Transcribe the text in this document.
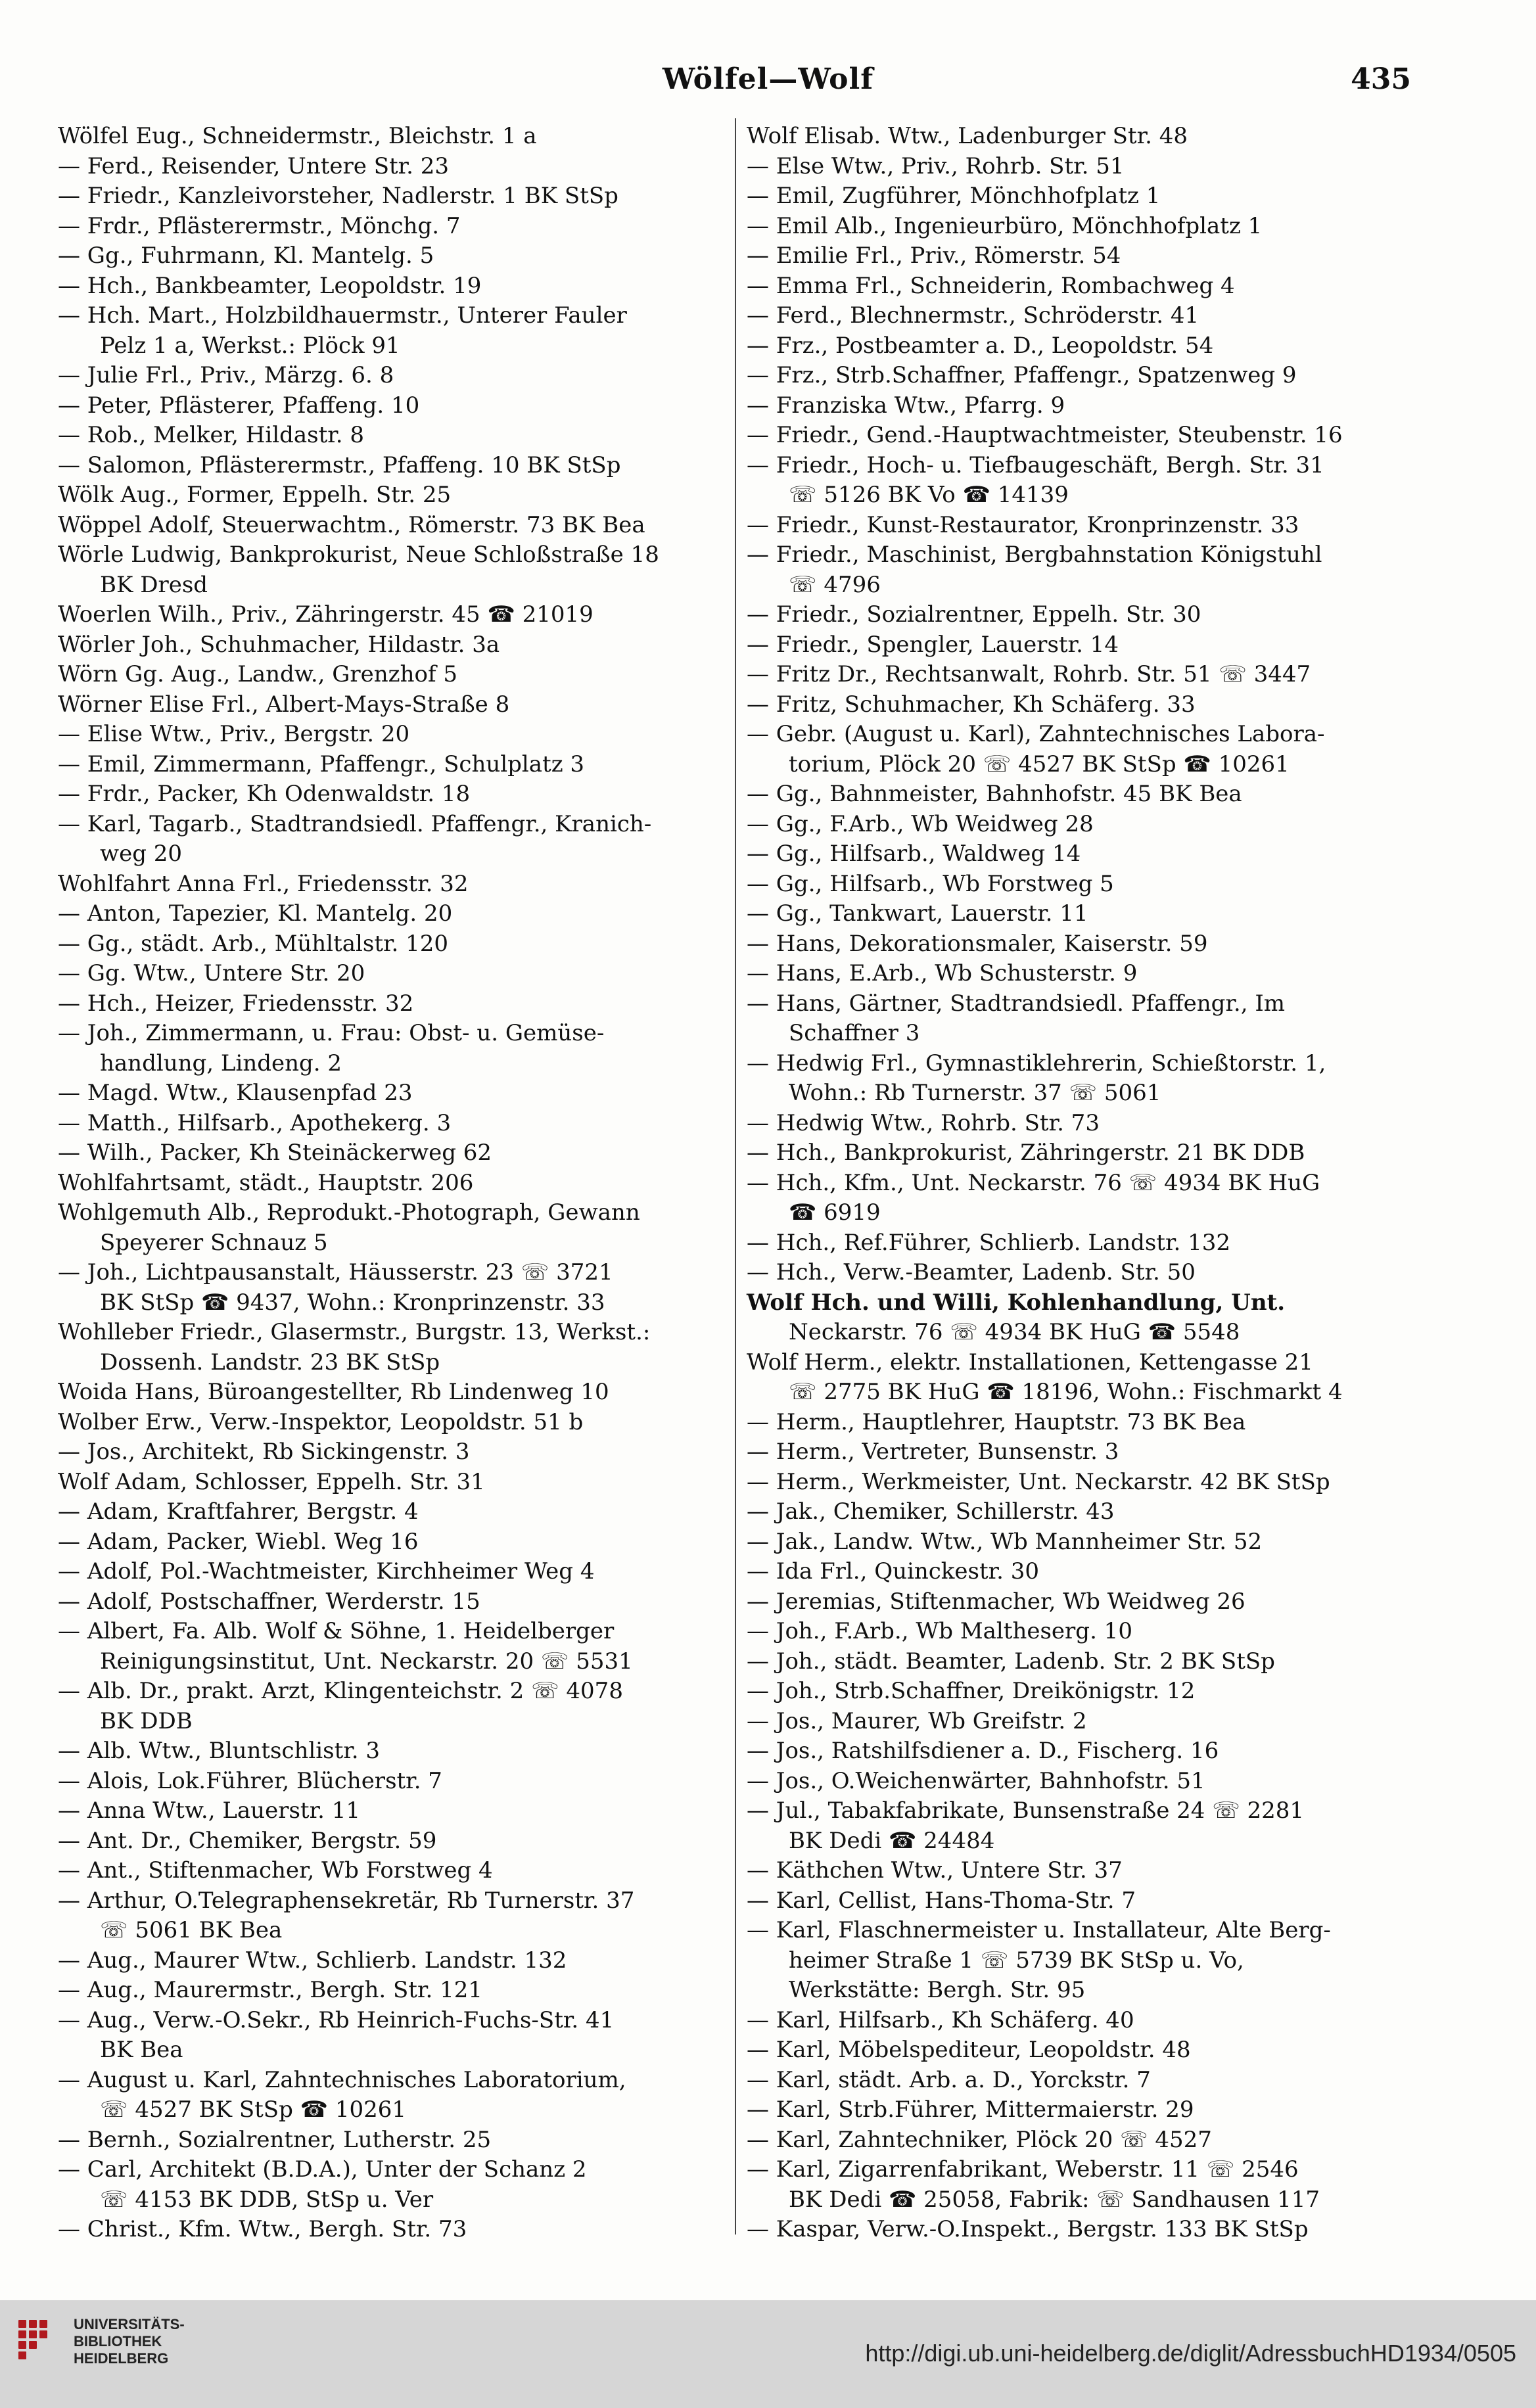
Wölfel—Wolf	435
Wölfel Eug., Schneidermstr., Bleichstr. 1 a
— Ferd., Reisender, Untere Str. 23
— Friedr., Kanzleivorsteher, Nadlerstr. 1 BK StSp
— Frdr., Pflästerermstr., Mönchg. 7
— Gg., Fuhrmann, Kl. Mantelg. 5
— Hch., Bankbeamter, Leopoldstr. 19
— Hch. Mart., Holzbildhauermstr., Unterer Fauler
Pelz 1 a, Werkst.: Plöck 91
— Julie Frl., Priv., Märzg. 6. 8
— Peter, Pflästerer, Pfaffeng. 10
— Rob., Melker, Hildastr. 8
— Salomon, Pflästerermstr., Pfaffeng. 10 BK StSp
Wölk Aug., Former, Eppelh. Str. 25
Wöppel Adolf, Steuerwachtm., Römerstr. 73 BK Bea
Wörle Ludwig, Bankprokurist, Neue Schloßstraße 18
BK Dresd
Woerlen Wilh., Priv., Zähringerstr. 45 ☎ 21019
Wörler Joh., Schuhmacher, Hildastr. 3a
Wörn Gg. Aug., Landw., Grenzhof 5
Wörner Elise Frl., Albert-Mays-Straße 8
— Elise Wtw., Priv., Bergstr. 20
— Emil, Zimmermann, Pfaffengr., Schulplatz 3
— Frdr., Packer, Kh Odenwaldstr. 18
— Karl, Tagarb., Stadtrandsiedl. Pfaffengr., Kranich-
weg 20
Wohlfahrt Anna Frl., Friedensstr. 32
— Anton, Tapezier, Kl. Mantelg. 20
— Gg., städt. Arb., Mühltalstr. 120
— Gg. Wtw., Untere Str. 20
— Hch., Heizer, Friedensstr. 32
— Joh., Zimmermann, u. Frau: Obst- u. Gemüse-
handlung, Lindeng. 2
— Magd. Wtw., Klausenpfad 23
— Matth., Hilfsarb., Apothekerg. 3
— Wilh., Packer, Kh Steinäckerweg 62
Wohlfahrtsamt, städt., Hauptstr. 206
Wohlgemuth Alb., Reprodukt.-Photograph, Gewann
Speyerer Schnauz 5
— Joh., Lichtpausanstalt, Häusserstr. 23 ☏ 3721
BK StSp ☎ 9437, Wohn.: Kronprinzenstr. 33
Wohlleber Friedr., Glasermstr., Burgstr. 13, Werkst.:
Dossenh. Landstr. 23 BK StSp
Woida Hans, Büroangestellter, Rb Lindenweg 10
Wolber Erw., Verw.-Inspektor, Leopoldstr. 51 b
— Jos., Architekt, Rb Sickingenstr. 3
Wolf Adam, Schlosser, Eppelh. Str. 31
— Adam, Kraftfahrer, Bergstr. 4
— Adam, Packer, Wiebl. Weg 16
— Adolf, Pol.-Wachtmeister, Kirchheimer Weg 4
— Adolf, Postschaffner, Werderstr. 15
— Albert, Fa. Alb. Wolf & Söhne, 1. Heidelberger
Reinigungsinstitut, Unt. Neckarstr. 20 ☏ 5531
— Alb. Dr., prakt. Arzt, Klingenteichstr. 2 ☏ 4078
BK DDB
— Alb. Wtw., Bluntschlistr. 3
— Alois, Lok.Führer, Blücherstr. 7
— Anna Wtw., Lauerstr. 11
— Ant. Dr., Chemiker, Bergstr. 59
— Ant., Stiftenmacher, Wb Forstweg 4
— Arthur, O.Telegraphensekretär, Rb Turnerstr. 37
☏ 5061 BK Bea
— Aug., Maurer Wtw., Schlierb. Landstr. 132
— Aug., Maurermstr., Bergh. Str. 121
— Aug., Verw.-O.Sekr., Rb Heinrich-Fuchs-Str. 41
BK Bea
— August u. Karl, Zahntechnisches Laboratorium,
☏ 4527 BK StSp ☎ 10261
— Bernh., Sozialrentner, Lutherstr. 25
— Carl, Architekt (B.D.A.), Unter der Schanz 2
☏ 4153 BK DDB, StSp u. Ver
— Christ., Kfm. Wtw., Bergh. Str. 73
Wolf Elisab. Wtw., Ladenburger Str. 48
— Else Wtw., Priv., Rohrb. Str. 51
— Emil, Zugführer, Mönchhofplatz 1
— Emil Alb., Ingenieurbüro, Mönchhofplatz 1
— Emilie Frl., Priv., Römerstr. 54
— Emma Frl., Schneiderin, Rombachweg 4
— Ferd., Blechnermstr., Schröderstr. 41
— Frz., Postbeamter a. D., Leopoldstr. 54
— Frz., Strb.Schaffner, Pfaffengr., Spatzenweg 9
— Franziska Wtw., Pfarrg. 9
— Friedr., Gend.-Hauptwachtmeister, Steubenstr. 16
— Friedr., Hoch- u. Tiefbaugeschäft, Bergh. Str. 31
☏ 5126 BK Vo ☎ 14139
— Friedr., Kunst-Restaurator, Kronprinzenstr. 33
— Friedr., Maschinist, Bergbahnstation Königstuhl
☏ 4796
— Friedr., Sozialrentner, Eppelh. Str. 30
— Friedr., Spengler, Lauerstr. 14
— Fritz Dr., Rechtsanwalt, Rohrb. Str. 51 ☏ 3447
— Fritz, Schuhmacher, Kh Schäferg. 33
— Gebr. (August u. Karl), Zahntechnisches Labora-
torium, Plöck 20 ☏ 4527 BK StSp ☎ 10261
— Gg., Bahnmeister, Bahnhofstr. 45 BK Bea
— Gg., F.Arb., Wb Weidweg 28
— Gg., Hilfsarb., Waldweg 14
— Gg., Hilfsarb., Wb Forstweg 5
— Gg., Tankwart, Lauerstr. 11
— Hans, Dekorationsmaler, Kaiserstr. 59
— Hans, E.Arb., Wb Schusterstr. 9
— Hans, Gärtner, Stadtrandsiedl. Pfaffengr., Im
Schaffner 3
— Hedwig Frl., Gymnastiklehrerin, Schießtorstr. 1,
Wohn.: Rb Turnerstr. 37 ☏ 5061
— Hedwig Wtw., Rohrb. Str. 73
— Hch., Bankprokurist, Zähringerstr. 21 BK DDB
— Hch., Kfm., Unt. Neckarstr. 76 ☏ 4934 BK HuG
☎ 6919
— Hch., Ref.Führer, Schlierb. Landstr. 132
— Hch., Verw.-Beamter, Ladenb. Str. 50
Wolf Hch. und Willi, Kohlenhandlung, Unt.
Neckarstr. 76 ☏ 4934 BK HuG ☎ 5548
Wolf Herm., elektr. Installationen, Kettengasse 21
☏ 2775 BK HuG ☎ 18196, Wohn.: Fischmarkt 4
— Herm., Hauptlehrer, Hauptstr. 73 BK Bea
— Herm., Vertreter, Bunsenstr. 3
— Herm., Werkmeister, Unt. Neckarstr. 42 BK StSp
— Jak., Chemiker, Schillerstr. 43
— Jak., Landw. Wtw., Wb Mannheimer Str. 52
— Ida Frl., Quinckestr. 30
— Jeremias, Stiftenmacher, Wb Weidweg 26
— Joh., F.Arb., Wb Maltheserg. 10
— Joh., städt. Beamter, Ladenb. Str. 2 BK StSp
— Joh., Strb.Schaffner, Dreikönigstr. 12
— Jos., Maurer, Wb Greifstr. 2
— Jos., Ratshilfsdiener a. D., Fischerg. 16
— Jos., O.Weichenwärter, Bahnhofstr. 51
— Jul., Tabakfabrikate, Bunsenstraße 24 ☏ 2281
BK Dedi ☎ 24484
— Käthchen Wtw., Untere Str. 37
— Karl, Cellist, Hans-Thoma-Str. 7
— Karl, Flaschnermeister u. Installateur, Alte Berg-
heimer Straße 1 ☏ 5739 BK StSp u. Vo,
Werkstätte: Bergh. Str. 95
— Karl, Hilfsarb., Kh Schäferg. 40
— Karl, Möbelspediteur, Leopoldstr. 48
— Karl, städt. Arb. a. D., Yorckstr. 7
— Karl, Strb.Führer, Mittermaierstr. 29
— Karl, Zahntechniker, Plöck 20 ☏ 4527
— Karl, Zigarrenfabrikant, Weberstr. 11 ☏ 2546
BK Dedi ☎ 25058, Fabrik: ☏ Sandhausen 117
— Kaspar, Verw.-O.Inspekt., Bergstr. 133 BK StSp
UNIVERSITÄTS-
BIBLIOTHEK
HEIDELBERG	http://digi.ub.uni-heidelberg.de/diglit/AdressbuchHD1934/0505
